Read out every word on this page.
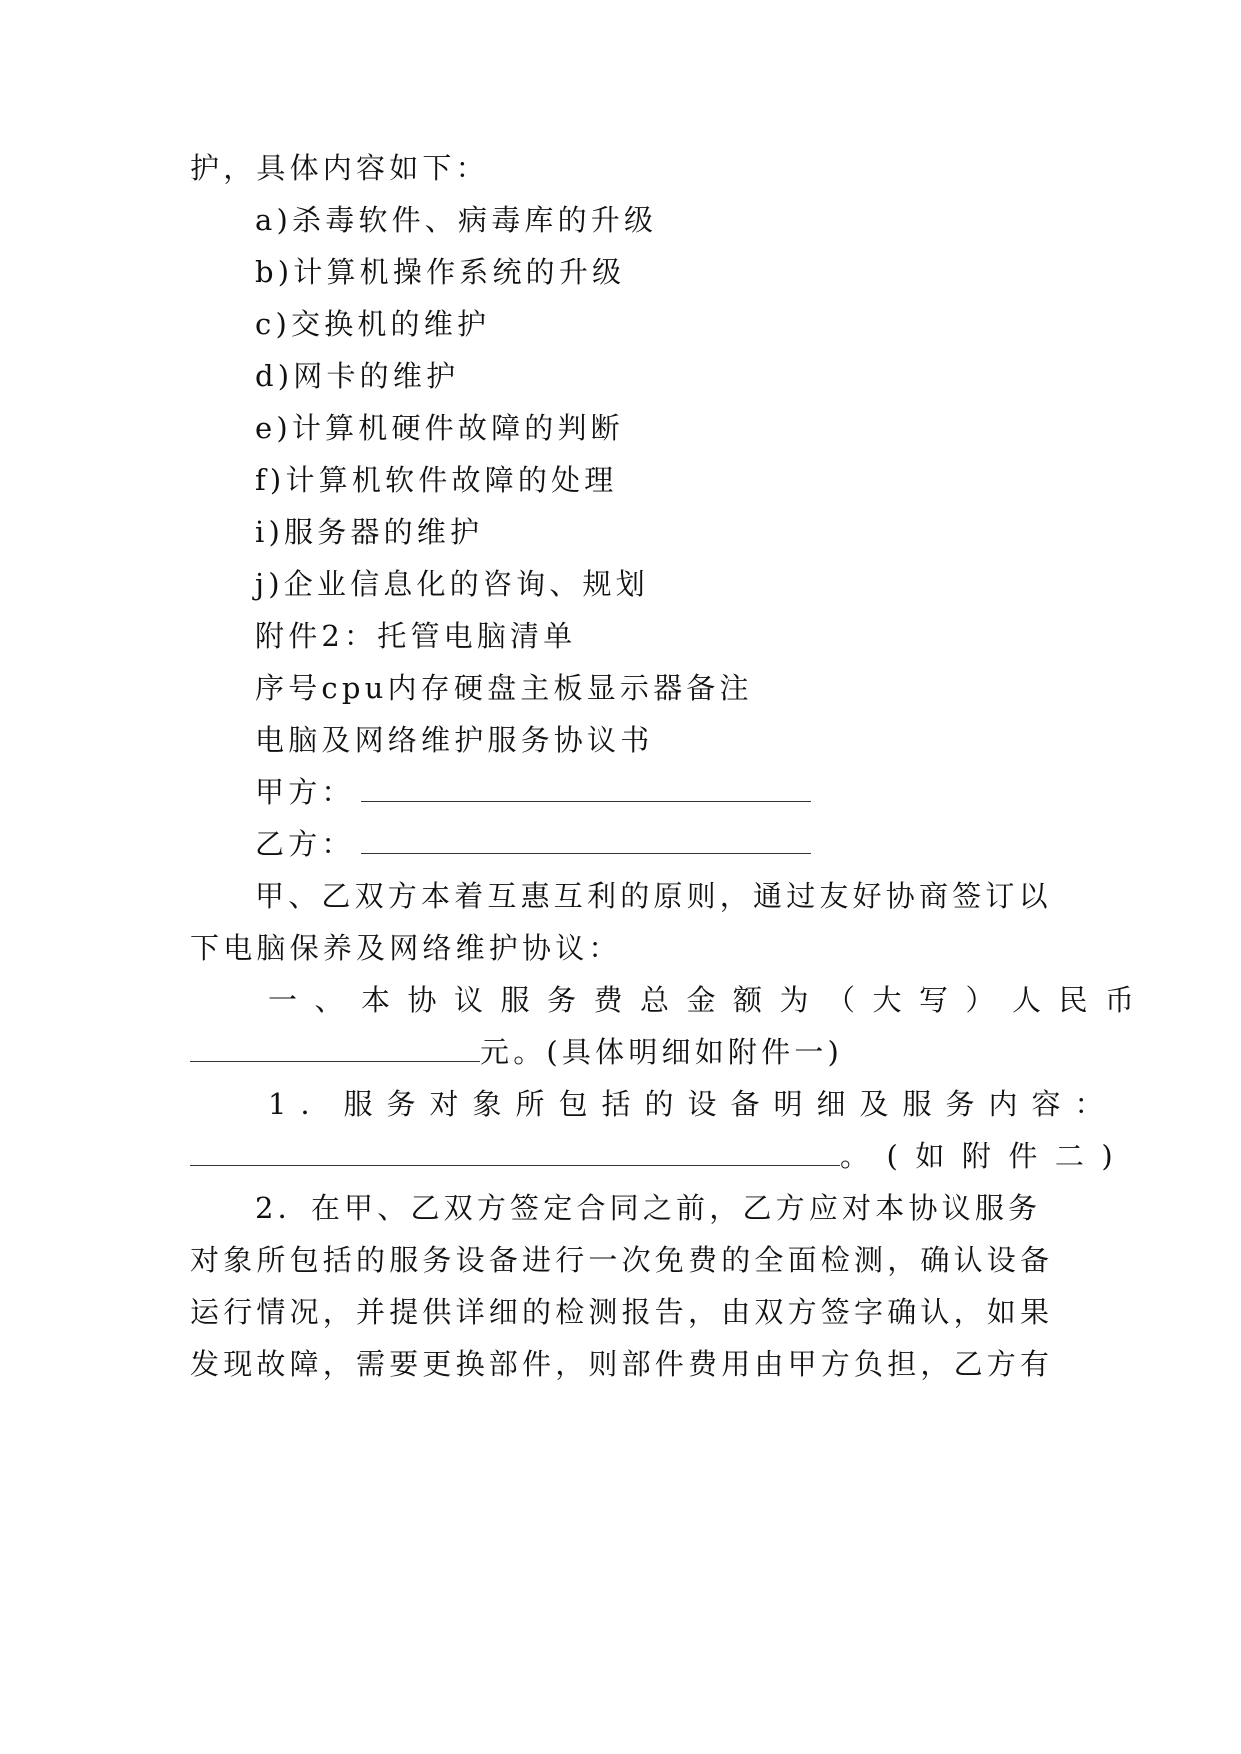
护，具体内容如下：
a)杀毒软件、病毒库的升级
b)计算机操作系统的升级
c)交换机的维护
d)网卡的维护
e)计算机硬件故障的判断
f)计算机软件故障的处理
i)服务器的维护
j)企业信息化的咨询、规划
附件2：托管电脑清单
序号cpu内存硬盘主板显示器备注
电脑及网络维护服务协议书
甲方：
乙方：
甲、乙双方本着互惠互利的原则，通过友好协商签订以
下电脑保养及网络维护协议：
一、本协议服务费总金额为（大写）人民币
元。(具体明细如附件一)
1．服务对象所包括的设备明细及服务内容：
。(如附件二)
2．在甲、乙双方签定合同之前，乙方应对本协议服务
对象所包括的服务设备进行一次免费的全面检测，确认设备
运行情况，并提供详细的检测报告，由双方签字确认，如果
发现故障，需要更换部件，则部件费用由甲方负担，乙方有
